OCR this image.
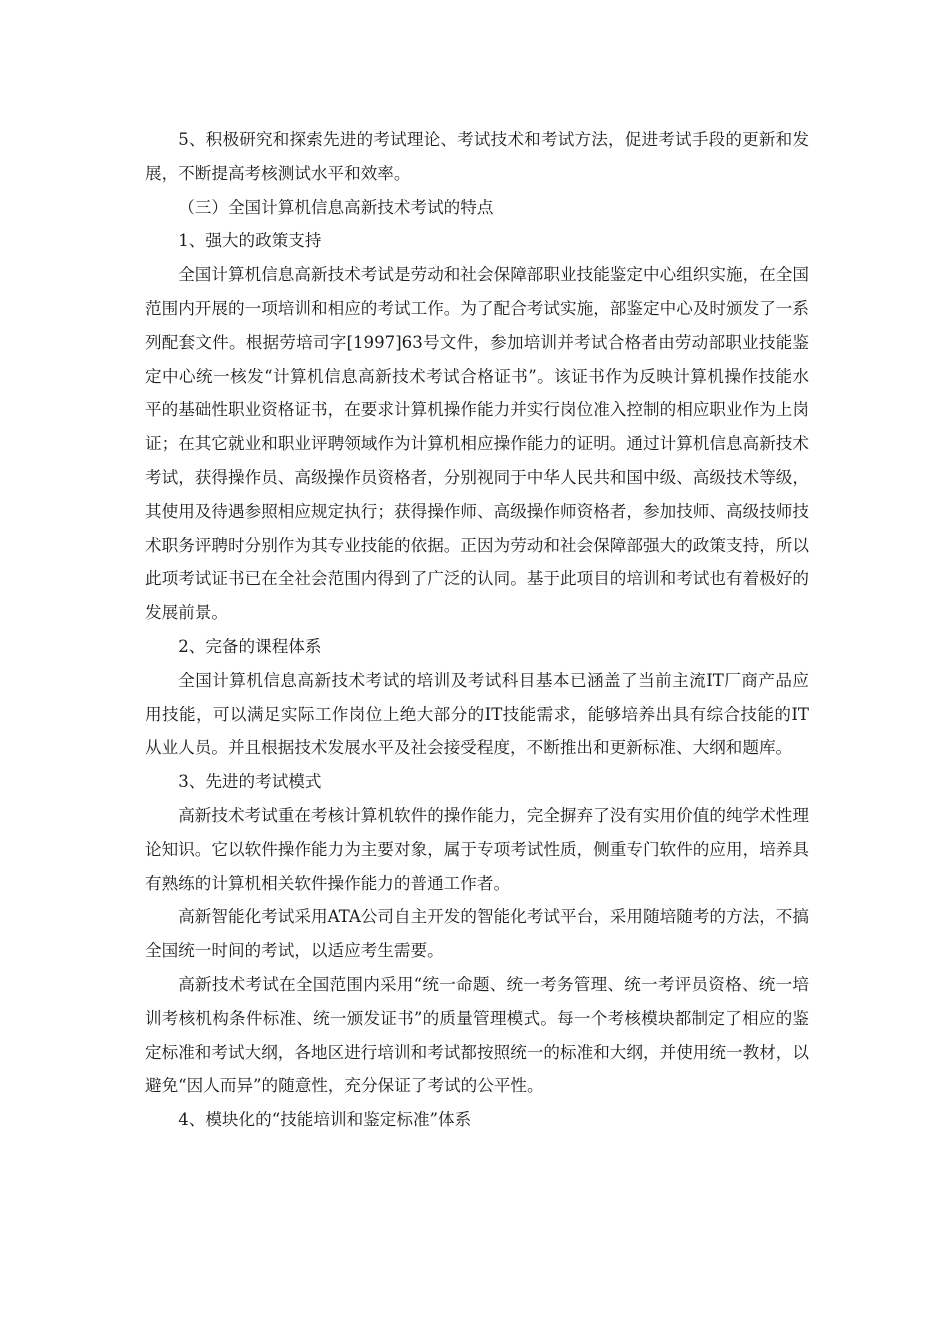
5、积极研究和探索先进的考试理论、考试技术和考试方法，促进考试手段的更新和发展，不断提高考核测试水平和效率。

（三）全国计算机信息高新技术考试的特点

1、强大的政策支持

全国计算机信息高新技术考试是劳动和社会保障部职业技能鉴定中心组织实施，在全国范围内开展的一项培训和相应的考试工作。为了配合考试实施，部鉴定中心及时颁发了一系列配套文件。根据劳培司字[1997]63号文件，参加培训并考试合格者由劳动部职业技能鉴定中心统一核发“计算机信息高新技术考试合格证书”。该证书作为反映计算机操作技能水平的基础性职业资格证书，在要求计算机操作能力并实行岗位准入控制的相应职业作为上岗证；在其它就业和职业评聘领域作为计算机相应操作能力的证明。通过计算机信息高新技术考试，获得操作员、高级操作员资格者，分别视同于中华人民共和国中级、高级技术等级，其使用及待遇参照相应规定执行；获得操作师、高级操作师资格者，参加技师、高级技师技术职务评聘时分别作为其专业技能的依据。正因为劳动和社会保障部强大的政策支持，所以此项考试证书已在全社会范围内得到了广泛的认同。基于此项目的培训和考试也有着极好的发展前景。

2、完备的课程体系

全国计算机信息高新技术考试的培训及考试科目基本已涵盖了当前主流IT厂商产品应用技能，可以满足实际工作岗位上绝大部分的IT技能需求，能够培养出具有综合技能的IT从业人员。并且根据技术发展水平及社会接受程度，不断推出和更新标准、大纲和题库。

3、先进的考试模式

高新技术考试重在考核计算机软件的操作能力，完全摒弃了没有实用价值的纯学术性理论知识。它以软件操作能力为主要对象，属于专项考试性质，侧重专门软件的应用，培养具有熟练的计算机相关软件操作能力的普通工作者。

高新智能化考试采用ATA公司自主开发的智能化考试平台，采用随培随考的方法，不搞全国统一时间的考试，以适应考生需要。

高新技术考试在全国范围内采用“统一命题、统一考务管理、统一考评员资格、统一培训考核机构条件标准、统一颁发证书”的质量管理模式。每一个考核模块都制定了相应的鉴定标准和考试大纲，各地区进行培训和考试都按照统一的标准和大纲，并使用统一教材，以避免“因人而异”的随意性，充分保证了考试的公平性。

4、模块化的“技能培训和鉴定标准”体系
